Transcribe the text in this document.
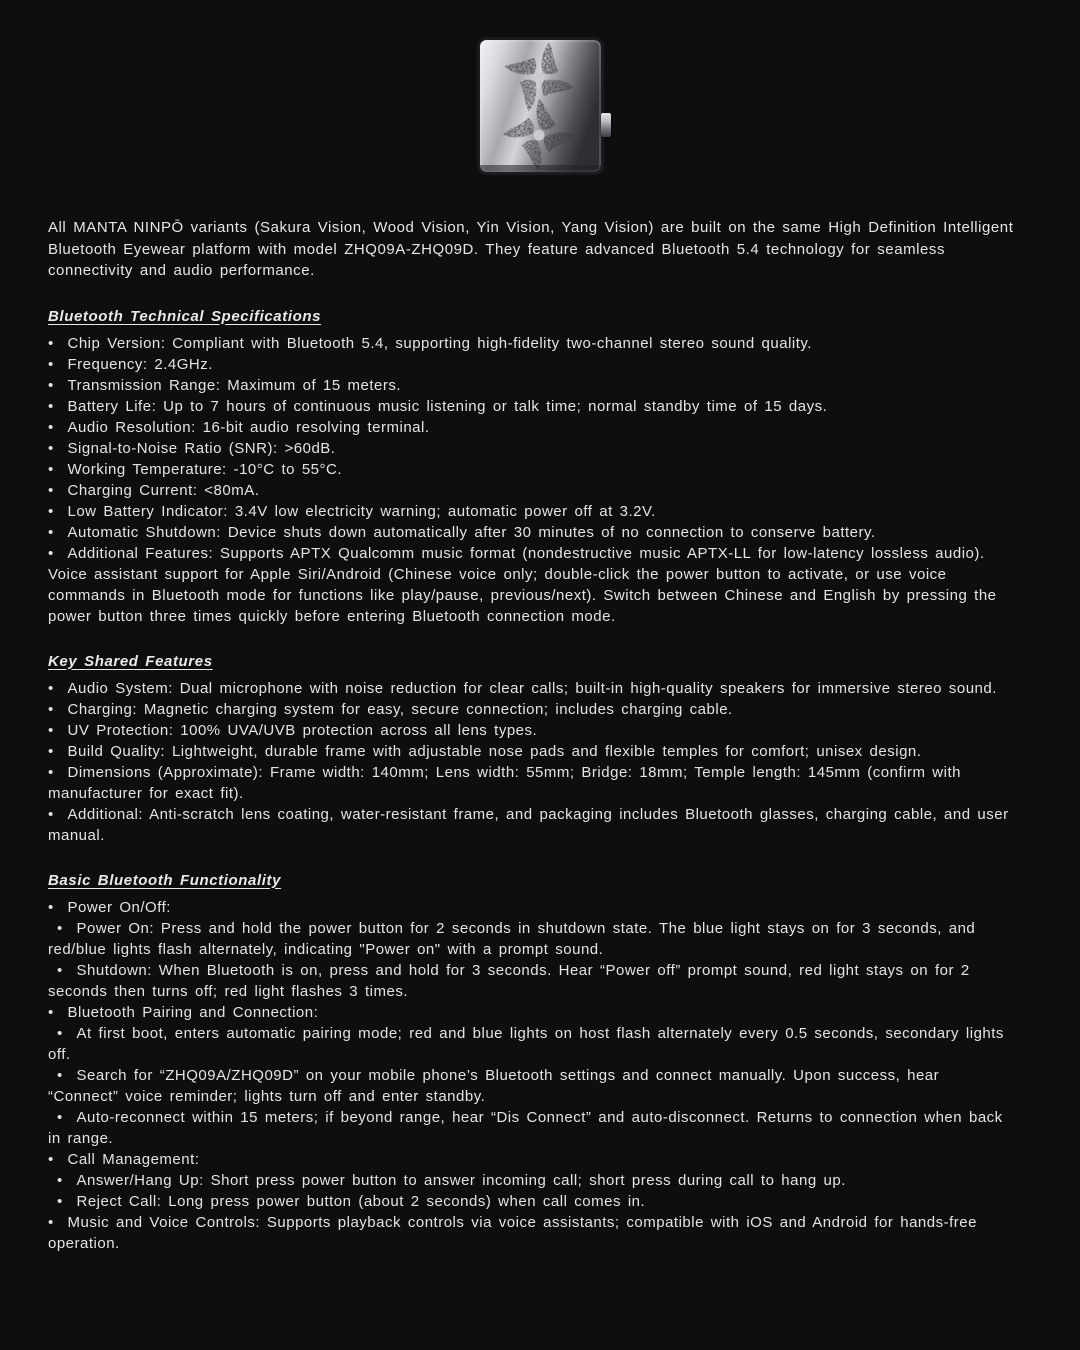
All MANTA NINPŌ variants (Sakura Vision, Wood Vision, Yin Vision, Yang Vision) are built on the same High Definition Intelligent Bluetooth Eyewear platform with model ZHQ09A-ZHQ09D. They feature advanced Bluetooth 5.4 technology for seamless connectivity and audio performance.

Bluetooth Technical Specifications

•  Chip Version: Compliant with Bluetooth 5.4, supporting high-fidelity two-channel stereo sound quality.

•  Frequency: 2.4GHz.

•  Transmission Range: Maximum of 15 meters.

•  Battery Life: Up to 7 hours of continuous music listening or talk time; normal standby time of 15 days.

•  Audio Resolution: 16-bit audio resolving terminal.

•  Signal-to-Noise Ratio (SNR): >60dB.

•  Working Temperature: -10°C to 55°C.

•  Charging Current: <80mA.

•  Low Battery Indicator: 3.4V low electricity warning; automatic power off at 3.2V.

•  Automatic Shutdown: Device shuts down automatically after 30 minutes of no connection to conserve battery.

•  Additional Features: Supports APTX Qualcomm music format (nondestructive music APTX-LL for low-latency lossless audio). Voice assistant support for Apple Siri/Android (Chinese voice only; double-click the power button to activate, or use voice commands in Bluetooth mode for functions like play/pause, previous/next). Switch between Chinese and English by pressing the power button three times quickly before entering Bluetooth connection mode.

Key Shared Features

•  Audio System: Dual microphone with noise reduction for clear calls; built-in high-quality speakers for immersive stereo sound.

•  Charging: Magnetic charging system for easy, secure connection; includes charging cable.

•  UV Protection: 100% UVA/UVB protection across all lens types.

•  Build Quality: Lightweight, durable frame with adjustable nose pads and flexible temples for comfort; unisex design.

•  Dimensions (Approximate): Frame width: 140mm; Lens width: 55mm; Bridge: 18mm; Temple length: 145mm (confirm with manufacturer for exact fit).

•  Additional: Anti-scratch lens coating, water-resistant frame, and packaging includes Bluetooth glasses, charging cable, and user manual.

Basic Bluetooth Functionality

•  Power On/Off:

•  Power On: Press and hold the power button for 2 seconds in shutdown state. The blue light stays on for 3 seconds, and red/blue lights flash alternately, indicating "Power on" with a prompt sound.

•  Shutdown: When Bluetooth is on, press and hold for 3 seconds. Hear “Power off” prompt sound, red light stays on for 2 seconds then turns off; red light flashes 3 times.

•  Bluetooth Pairing and Connection:

•  At first boot, enters automatic pairing mode; red and blue lights on host flash alternately every 0.5 seconds, secondary lights off.

•  Search for “ZHQ09A/ZHQ09D” on your mobile phone’s Bluetooth settings and connect manually. Upon success, hear “Connect” voice reminder; lights turn off and enter standby.

•  Auto-reconnect within 15 meters; if beyond range, hear “Dis Connect” and auto-disconnect. Returns to connection when back in range.

•  Call Management:

•  Answer/Hang Up: Short press power button to answer incoming call; short press during call to hang up.

•  Reject Call: Long press power button (about 2 seconds) when call comes in.

•  Music and Voice Controls: Supports playback controls via voice assistants; compatible with iOS and Android for hands-free operation.
